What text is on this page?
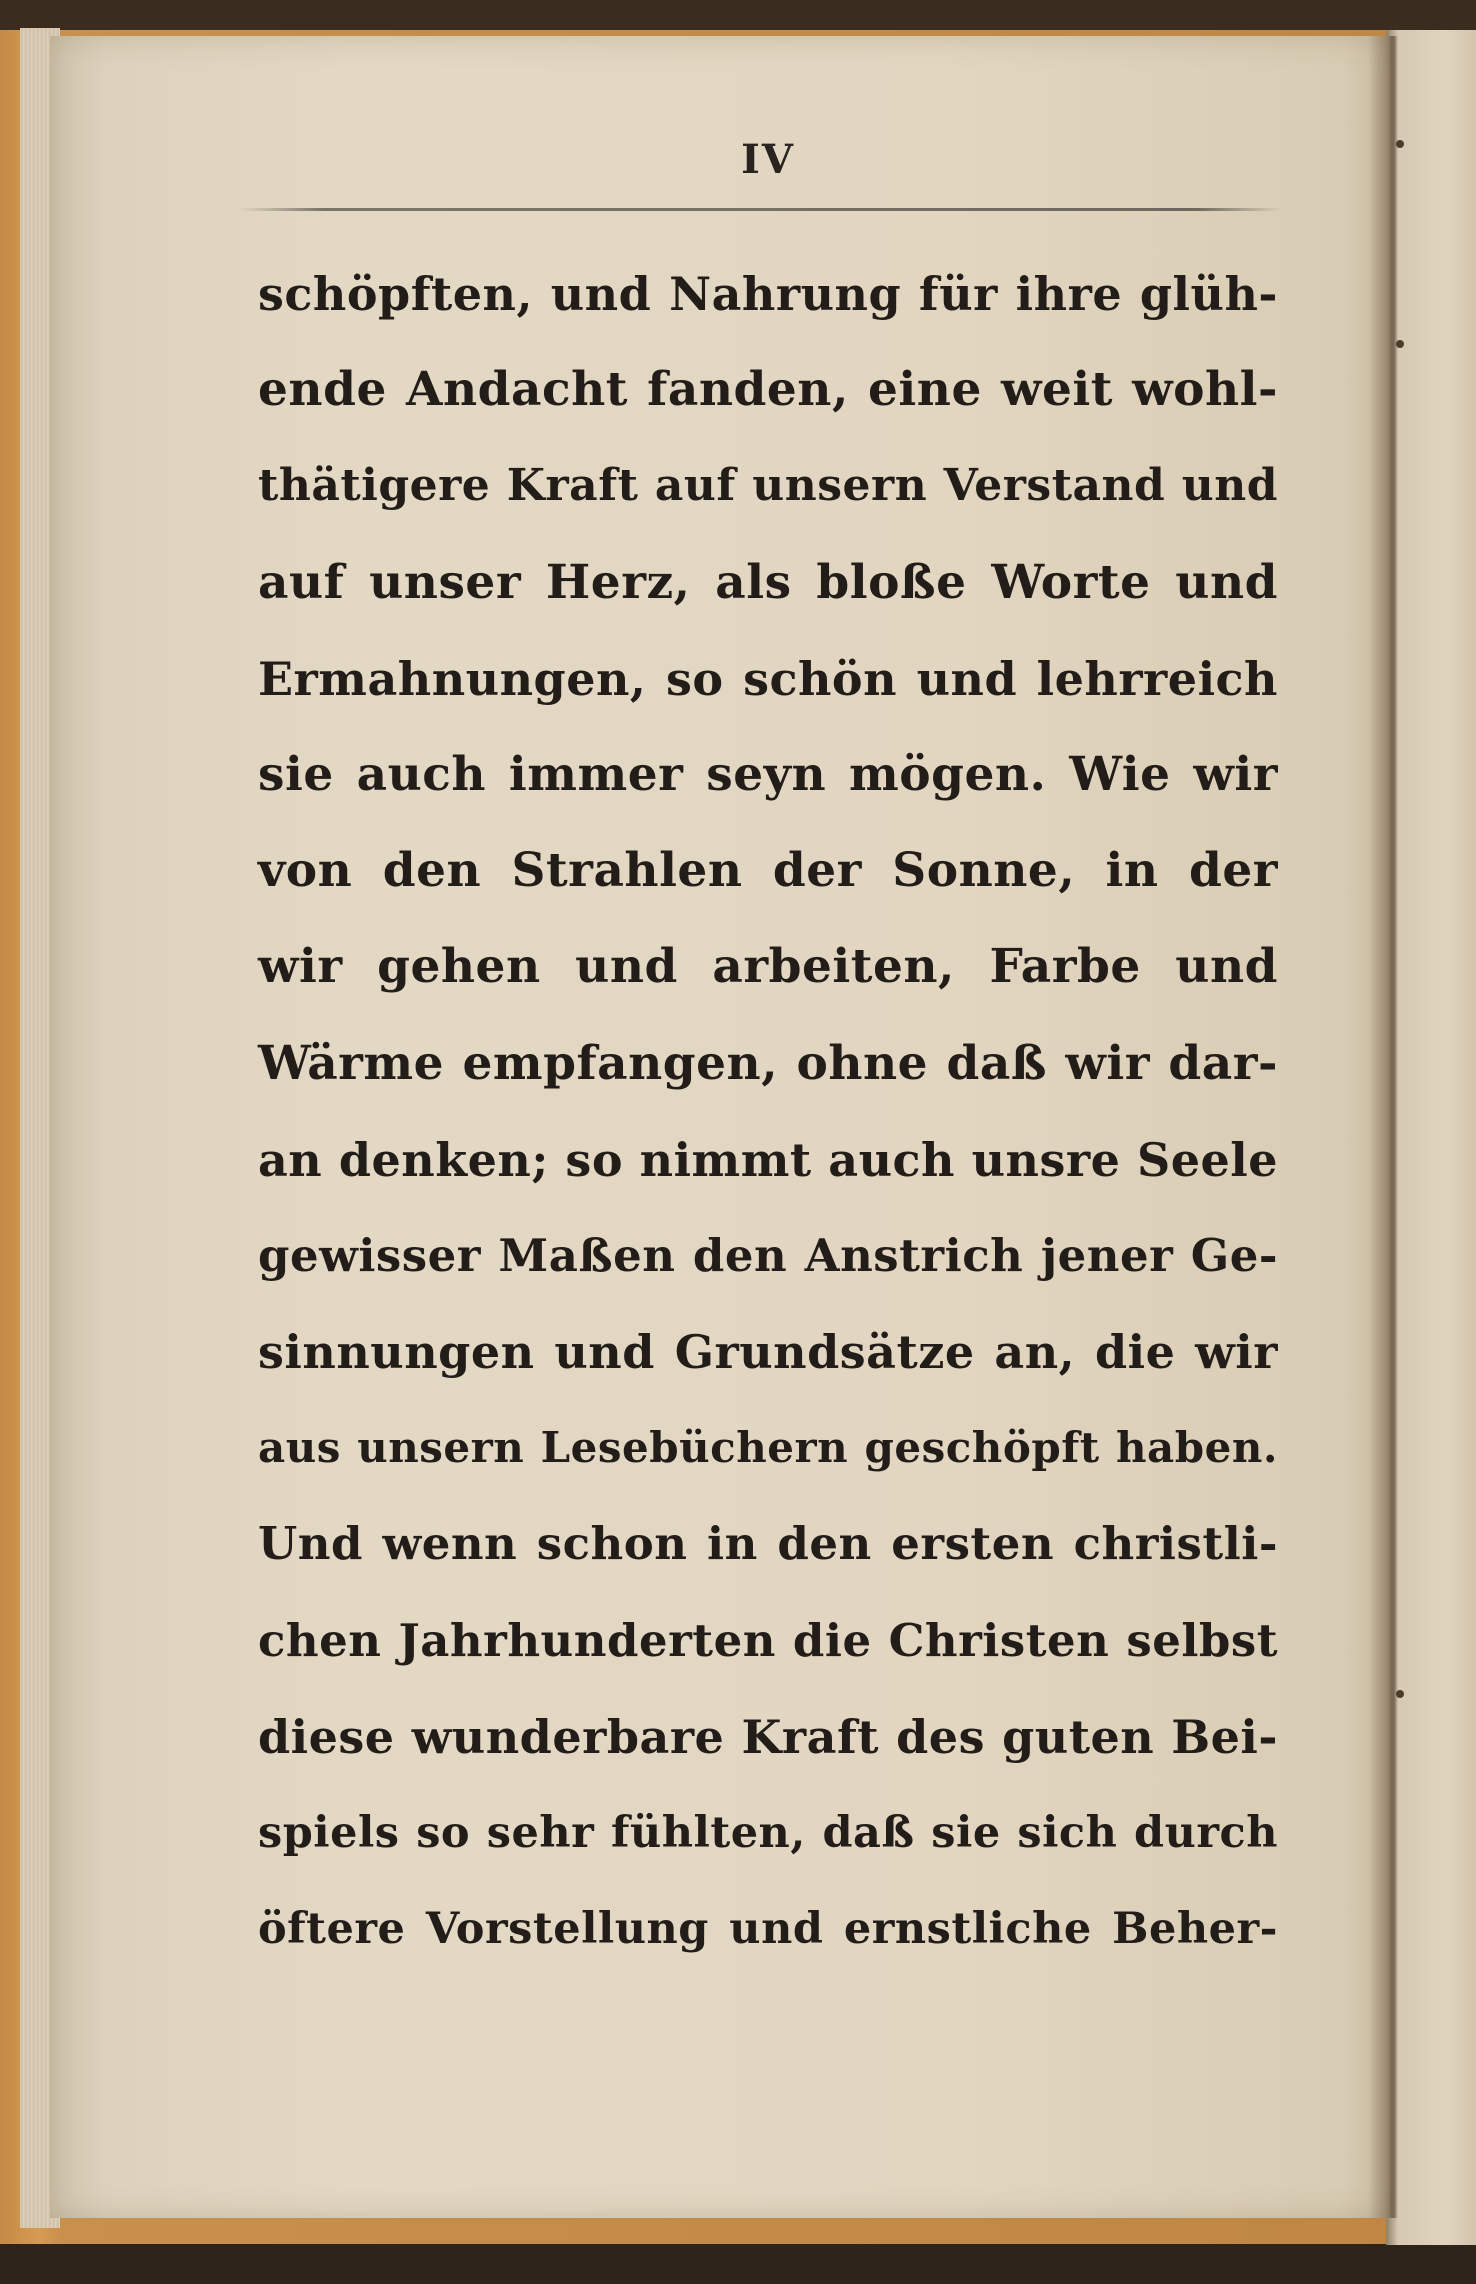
IV
schöpften, und Nahrung für ihre glüh-
ende Andacht fanden, eine weit wohl-
thätigere Kraft auf unsern Verstand und
auf unser Herz, als bloße Worte und
Ermahnungen, so schön und lehrreich
sie auch immer seyn mögen. Wie wir
von den Strahlen der Sonne, in der
wir gehen und arbeiten, Farbe und
Wärme empfangen, ohne daß wir dar-
an denken; so nimmt auch unsre Seele
gewisser Maßen den Anstrich jener Ge-
sinnungen und Grundsätze an, die wir
aus unsern Lesebüchern geschöpft haben.
Und wenn schon in den ersten christli-
chen Jahrhunderten die Christen selbst
diese wunderbare Kraft des guten Bei-
spiels so sehr fühlten, daß sie sich durch
öftere Vorstellung und ernstliche Beher-
